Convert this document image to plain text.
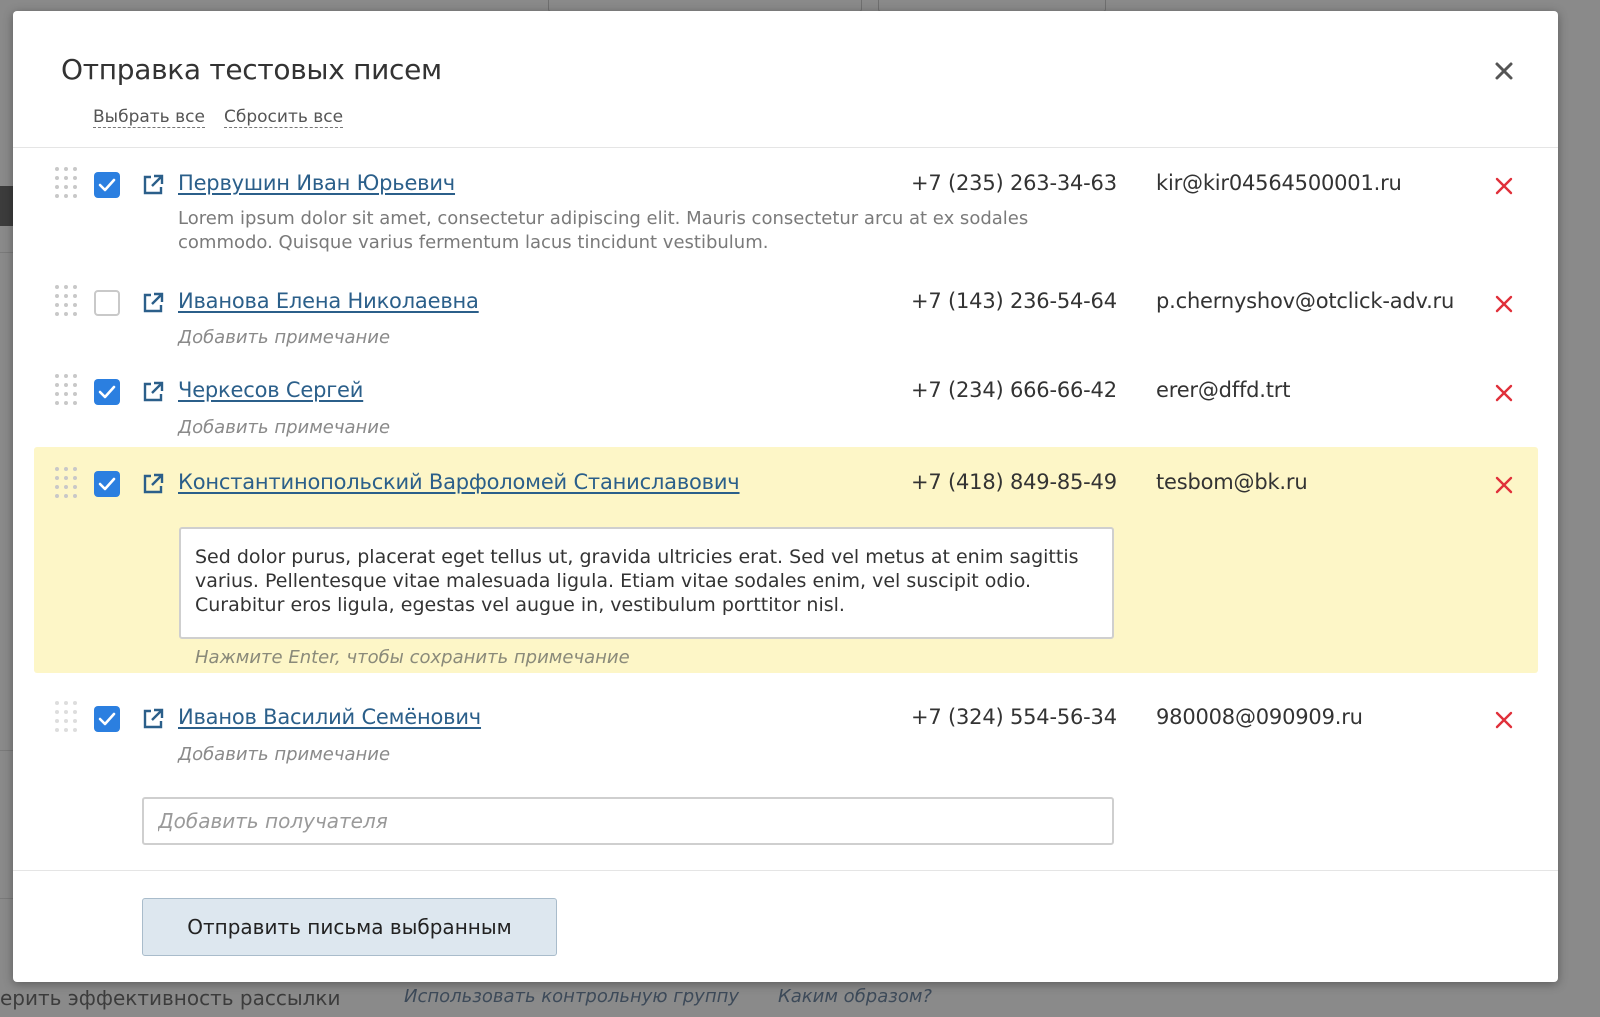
ерить эффективность рассылки	Использовать контрольную группу Каким образом?
Отправка тестовых писем
Выбрать все Сбросить все
Первушин Иван Юрьевич	+7 (235) 263-34-63 kir@kir04564500001.ru
Lorem ipsum dolor sit amet, consectetur adipiscing elit. Mauris consectetur arcu at ex sodales commodo. Quisque varius fermentum lacus tincidunt vestibulum.
Иванова Елена Николаевна	+7 (143) 236-54-64 p.chernyshov@otclick-adv.ru
Добавить примечание
Черкесов Сергей	+7 (234) 666-66-42 erer@dffd.trt
Добавить примечание
Константинопольский Варфоломей Станиславович	+7 (418) 849-85-49 tesbom@bk.ru
Sed dolor purus, placerat eget tellus ut, gravida ultricies erat. Sed vel metus at enim sagittis varius. Pellentesque vitae malesuada ligula. Etiam vitae sodales enim, vel suscipit odio. Curabitur eros ligula, egestas vel augue in, vestibulum porttitor nisl.
Нажмите Enter, чтобы сохранить примечание
Иванов Василий Семёнович	+7 (324) 554-56-34 980008@090909.ru
Добавить примечание
Добавить получателя
Отправить письма выбранным
